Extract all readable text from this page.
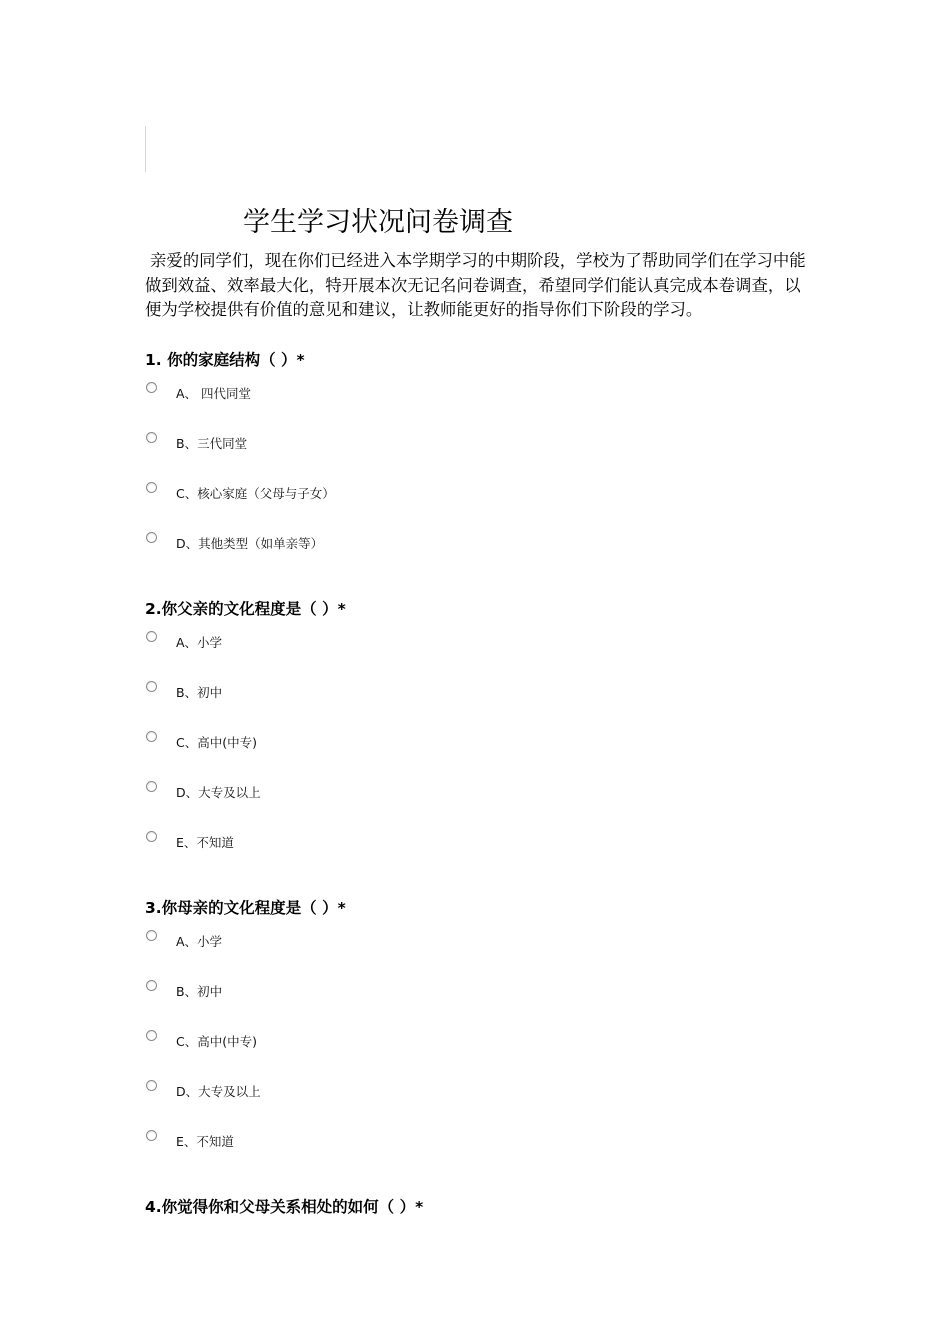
学生学习状况问卷调查
亲爱的同学们，现在你们已经进入本学期学习的中期阶段，学校为了帮助同学们在学习中能做到效益、效率最大化，特开展本次无记名问卷调查，希望同学们能认真完成本卷调查，以便为学校提供有价值的意见和建议，让教师能更好的指导你们下阶段的学习。
1. 你的家庭结构（ ）*
A、 四代同堂
B、三代同堂
C、核心家庭（父母与子女）
D、其他类型（如单亲等）
2.你父亲的文化程度是（ ）*
A、小学
B、初中
C、高中(中专)
D、大专及以上
E、不知道
3.你母亲的文化程度是（ ）*
A、小学
B、初中
C、高中(中专)
D、大专及以上
E、不知道
4.你觉得你和父母关系相处的如何（ ）*
